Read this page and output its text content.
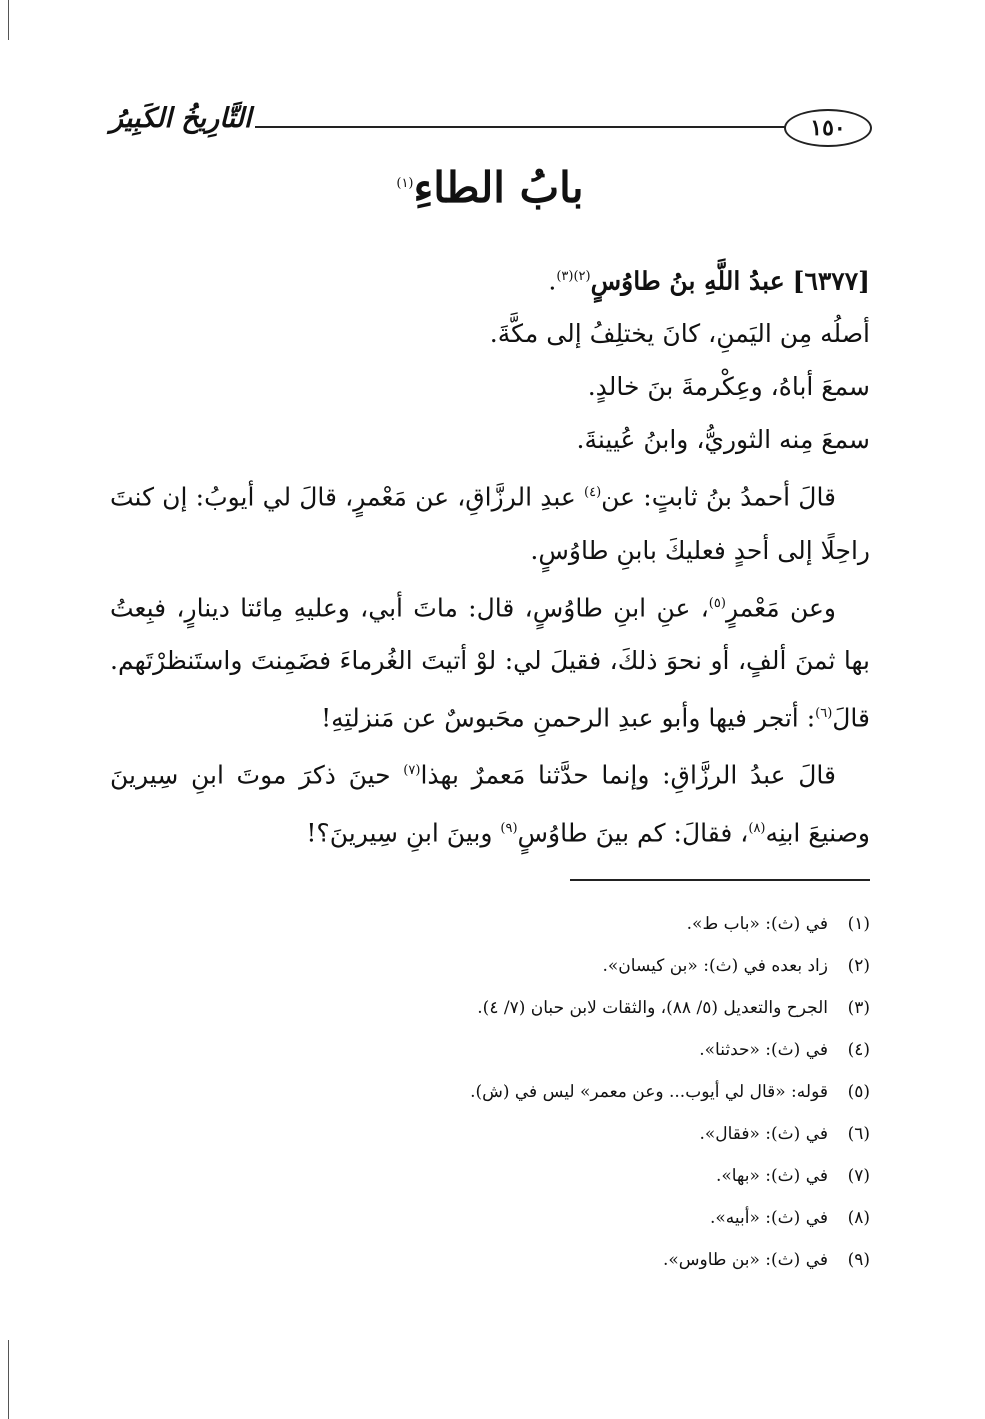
١٥٠
التَّارِيخُ الكَبِيرُ
بابُ الطاءِ$^{(١)}$
[٦٣٧٧] عبدُ اللَّهِ بنُ طاوُسٍ$^{(٢)(٣)}$.
أصلُه مِن اليَمنِ، كانَ يختلِفُ إلى مكَّةَ.
سمعَ أباهُ، وعِكْرمةَ بنَ خالدٍ.
سمعَ مِنه الثوريُّ، وابنُ عُيينةَ.
قالَ أحمدُ بنُ ثابتٍ: عن$^{(٤)}$ عبدِ الرزَّاقِ، عن مَعْمرٍ، قالَ لي أيوبُ: إن كنتَ
راحِلًا إلى أحدٍ فعليكَ بابنِ طاوُسٍ.
وعن مَعْمرٍ$^{(٥)}$، عنِ ابنِ طاوُسٍ، قال: ماتَ أبي، وعليهِ مِائتا دينارٍ، فبِعتُ
بها ثمنَ ألفٍ، أو نحوَ ذلكَ، فقيلَ لي: لوْ أتيتَ الغُرماءَ فضَمِنتَ واستَنظرْتَهم.
قالَ$^{(٦)}$: أتجر فيها وأبو عبدِ الرحمنِ محَبوسٌ عن مَنزلتِهِ!
قالَ عبدُ الرزَّاقِ: وإنما حدَّثنا مَعمرٌ بهذا$^{(٧)}$ حينَ ذكرَ موتَ ابنِ سِيرينَ
وصنيعَ ابنِه$^{(٨)}$، فقالَ: كم بينَ طاوُسٍ$^{(٩)}$ وبينَ ابنِ سِيرينَ؟!
(١)في (ث): «باب ط».
(٢)زاد بعده في (ث): «بن كيسان».
(٣)الجرح والتعديل (٥/ ٨٨)، والثقات لابن حبان (٧/ ٤).
(٤)في (ث): «حدثنا».
(٥)قوله: «قال لي أيوب... وعن معمر» ليس في (ش).
(٦)في (ث): «فقال».
(٧)في (ث): «بها».
(٨)في (ث): «أبيه».
(٩)في (ث): «بن طاوس».
